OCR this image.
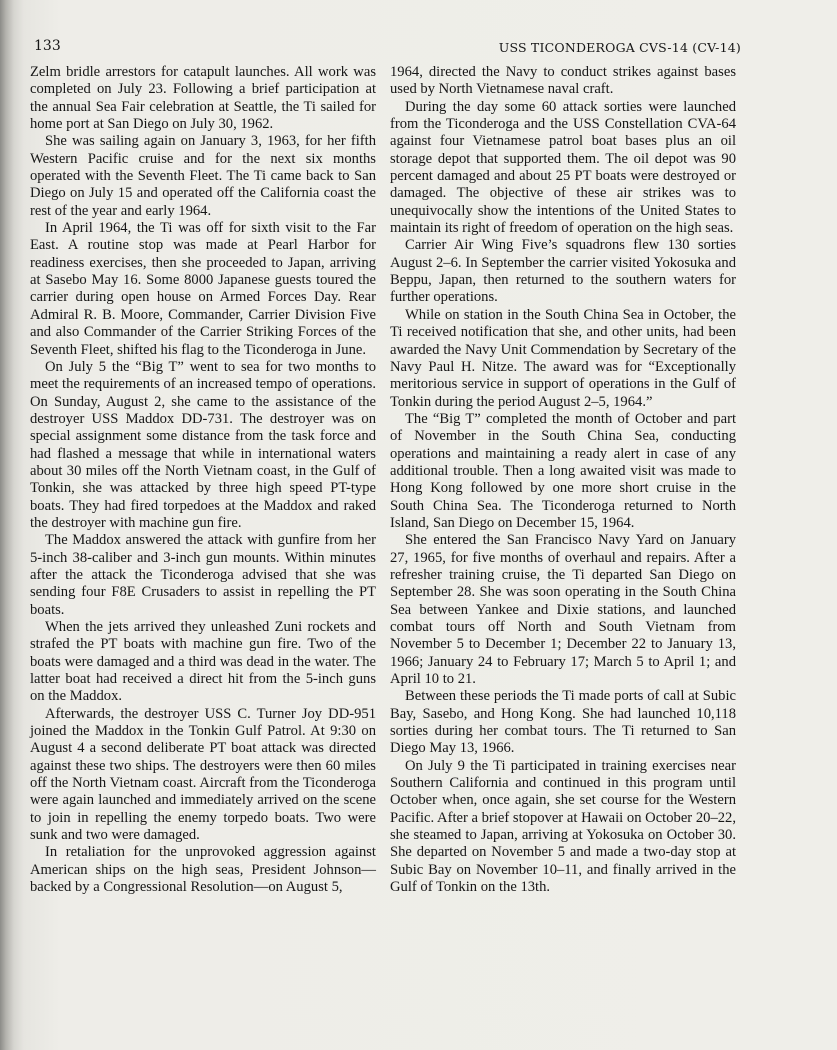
133	USS TICONDEROGA CVS-14 (CV-14)

Zelm bridle arrestors for catapult launches. All work was completed on July 23. Following a brief participation at the annual Sea Fair celebration at Seattle, the Ti sailed for home port at San Diego on July 30, 1962.

She was sailing again on January 3, 1963, for her fifth Western Pacific cruise and for the next six months operated with the Seventh Fleet. The Ti came back to San Diego on July 15 and operated off the California coast the rest of the year and early 1964.

In April 1964, the Ti was off for sixth visit to the Far East. A routine stop was made at Pearl Harbor for readiness exercises, then she proceeded to Japan, arriving at Sasebo May 16. Some 8000 Japanese guests toured the carrier during open house on Armed Forces Day. Rear Admiral R. B. Moore, Commander, Carrier Division Five and also Commander of the Carrier Striking Forces of the Seventh Fleet, shifted his flag to the Ticonderoga in June.

On July 5 the “Big T” went to sea for two months to meet the requirements of an increased tempo of operations. On Sunday, August 2, she came to the assistance of the destroyer USS Maddox DD-731. The destroyer was on special assignment some distance from the task force and had flashed a message that while in international waters about 30 miles off the North Vietnam coast, in the Gulf of Tonkin, she was attacked by three high speed PT-type boats. They had fired torpedoes at the Maddox and raked the destroyer with machine gun fire.

The Maddox answered the attack with gunfire from her 5-inch 38-caliber and 3-inch gun mounts. Within minutes after the attack the Ticonderoga advised that she was sending four F8E Crusaders to assist in repelling the PT boats.

When the jets arrived they unleashed Zuni rockets and strafed the PT boats with machine gun fire. Two of the boats were damaged and a third was dead in the water. The latter boat had received a direct hit from the 5-inch guns on the Maddox.

Afterwards, the destroyer USS C. Turner Joy DD-951 joined the Maddox in the Tonkin Gulf Patrol. At 9:30 on August 4 a second deliberate PT boat attack was directed against these two ships. The destroyers were then 60 miles off the North Vietnam coast. Aircraft from the Ticonderoga were again launched and immediately arrived on the scene to join in repelling the enemy torpedo boats. Two were sunk and two were damaged.

In retaliation for the unprovoked aggression against American ships on the high seas, President Johnson—backed by a Congressional Resolution—on August 5,

1964, directed the Navy to conduct strikes against bases used by North Vietnamese naval craft.

During the day some 60 attack sorties were launched from the Ticonderoga and the USS Constellation CVA-64 against four Vietnamese patrol boat bases plus an oil storage depot that supported them. The oil depot was 90 percent damaged and about 25 PT boats were destroyed or damaged. The objective of these air strikes was to unequivocally show the intentions of the United States to maintain its right of freedom of operation on the high seas.

Carrier Air Wing Five’s squadrons flew 130 sorties August 2–6. In September the carrier visited Yokosuka and Beppu, Japan, then returned to the southern waters for further operations.

While on station in the South China Sea in October, the Ti received notification that she, and other units, had been awarded the Navy Unit Commendation by Secretary of the Navy Paul H. Nitze. The award was for “Exceptionally meritorious service in support of operations in the Gulf of Tonkin during the period August 2–5, 1964.”

The “Big T” completed the month of October and part of November in the South China Sea, conducting operations and maintaining a ready alert in case of any additional trouble. Then a long awaited visit was made to Hong Kong followed by one more short cruise in the South China Sea. The Ticonderoga returned to North Island, San Diego on December 15, 1964.

She entered the San Francisco Navy Yard on January 27, 1965, for five months of overhaul and repairs. After a refresher training cruise, the Ti departed San Diego on September 28. She was soon operating in the South China Sea between Yankee and Dixie stations, and launched combat tours off North and South Vietnam from November 5 to December 1; December 22 to January 13, 1966; January 24 to February 17; March 5 to April 1; and April 10 to 21.

Between these periods the Ti made ports of call at Subic Bay, Sasebo, and Hong Kong. She had launched 10,118 sorties during her combat tours. The Ti returned to San Diego May 13, 1966.

On July 9 the Ti participated in training exercises near Southern California and continued in this program until October when, once again, she set course for the Western Pacific. After a brief stopover at Hawaii on October 20–22, she steamed to Japan, arriving at Yokosuka on October 30. She departed on November 5 and made a two-day stop at Subic Bay on November 10–11, and finally arrived in the Gulf of Tonkin on the 13th.
